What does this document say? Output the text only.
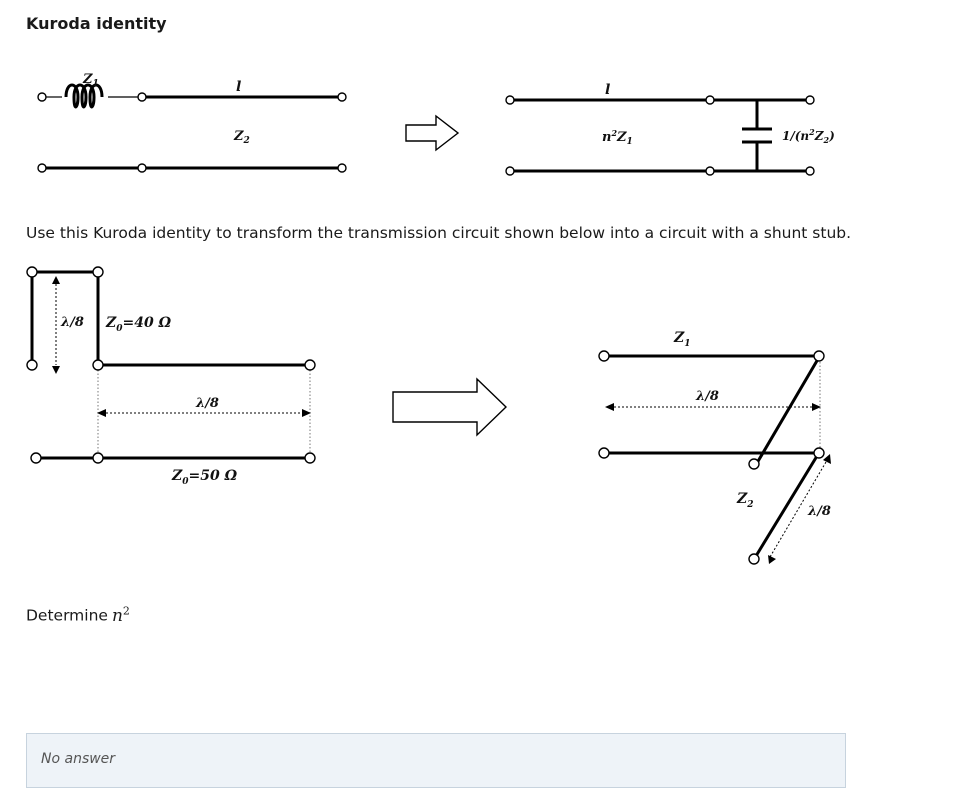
Kuroda identity
$Z_1$	l
$Z_2$
l
$n^2Z_1$	$1/(n^2Z_2)$
Use this Kuroda identity to transform the transmission circuit shown below into a circuit with a shunt stub.
λ/8 $Z_0=40$ Ω
λ/8
$Z_0=50$ Ω
$Z_1$
λ/8
$Z_2$	λ/8
Determine $n^2$
No answer
